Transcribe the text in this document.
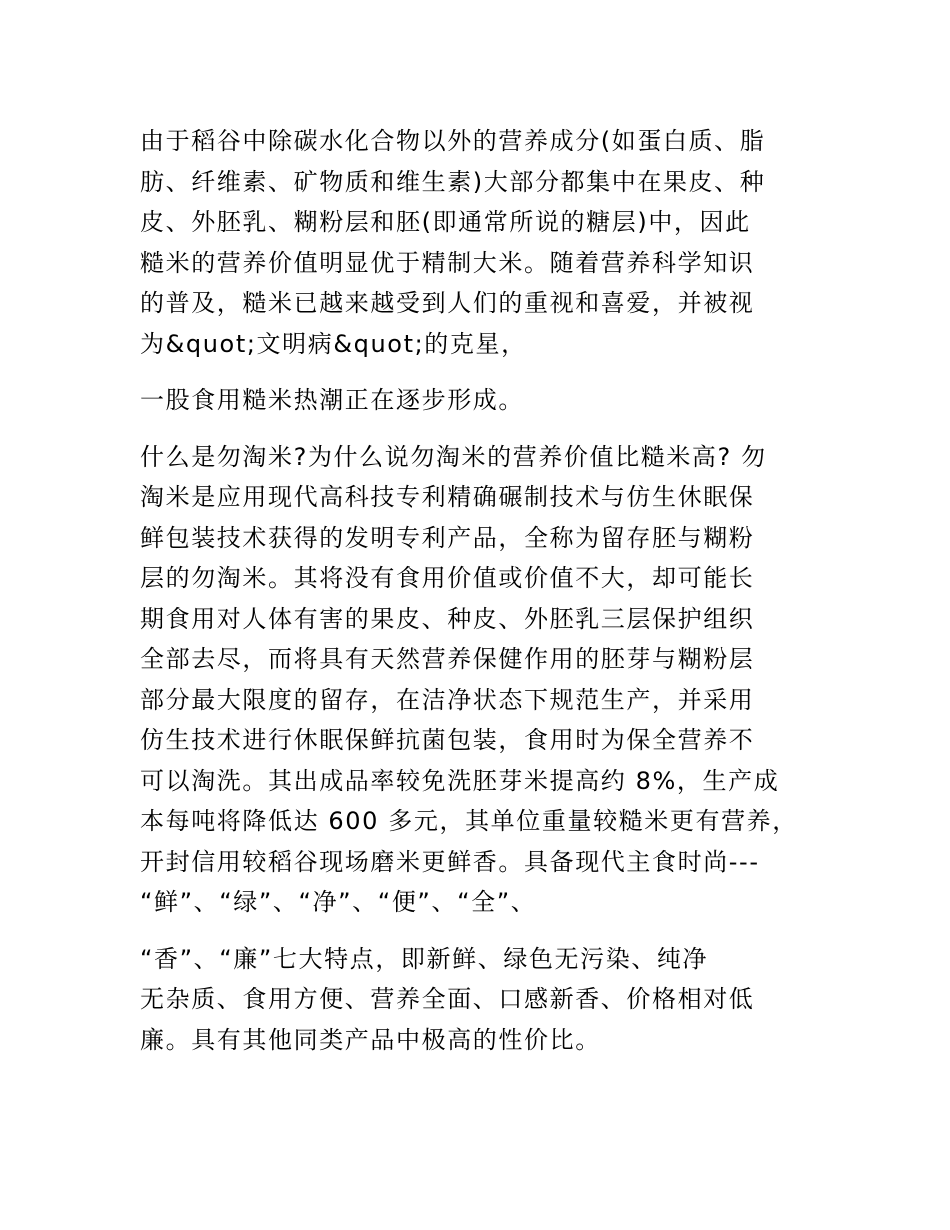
由于稻谷中除碳水化合物以外的营养成分(如蛋白质、脂
肪、纤维素、矿物质和维生素)大部分都集中在果皮、种
皮、外胚乳、糊粉层和胚(即通常所说的糖层)中，因此
糙米的营养价值明显优于精制大米。随着营养科学知识
的普及，糙米已越来越受到人们的重视和喜爱，并被视
为&quot;文明病&quot;的克星，
一股食用糙米热潮正在逐步形成。
什么是勿淘米?为什么说勿淘米的营养价值比糙米高? 勿
淘米是应用现代高科技专利精确碾制技术与仿生休眠保
鲜包装技术获得的发明专利产品，全称为留存胚与糊粉
层的勿淘米。其将没有食用价值或价值不大，却可能长
期食用对人体有害的果皮、种皮、外胚乳三层保护组织
全部去尽，而将具有天然营养保健作用的胚芽与糊粉层
部分最大限度的留存，在洁净状态下规范生产，并采用
仿生技术进行休眠保鲜抗菌包装，食用时为保全营养不
可以淘洗。其出成品率较免洗胚芽米提高约 8%，生产成
本每吨将降低达 600 多元，其单位重量较糙米更有营养，
开封信用较稻谷现场磨米更鲜香。具备现代主食时尚---
“鲜”、“绿”、“净”、“便”、“全”、
“香”、“廉”七大特点，即新鲜、绿色无污染、纯净
无杂质、食用方便、营养全面、口感新香、价格相对低
廉。具有其他同类产品中极高的性价比。
